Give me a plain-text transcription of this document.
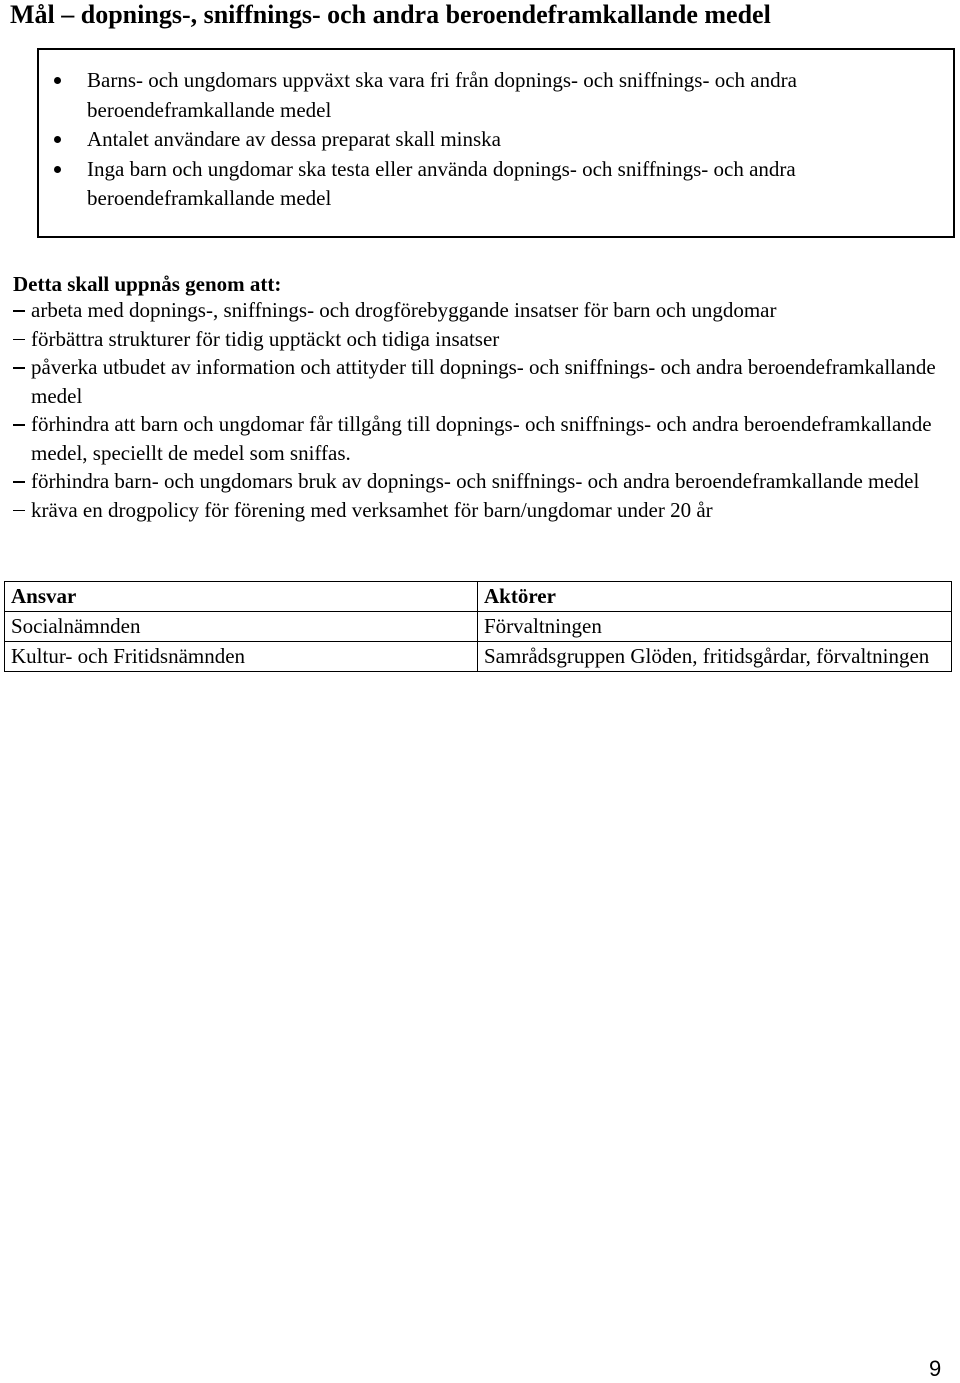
Mål – dopnings-, sniffnings- och andra beroendeframkallande medel
Barns- och ungdomars uppväxt ska vara fri från dopnings- och sniffnings- och andra beroendeframkallande medel
Antalet användare av dessa preparat skall minska
Inga barn och ungdomar ska testa eller använda dopnings- och sniffnings- och andra beroendeframkallande medel
Detta skall uppnås genom att:
arbeta med dopnings-, sniffnings- och drogförebyggande insatser för barn och ungdomar
förbättra strukturer för tidig upptäckt och tidiga insatser
påverka utbudet av information och attityder till dopnings- och sniffnings- och andra beroendeframkallande medel
förhindra att barn och ungdomar får tillgång till dopnings- och sniffnings- och andra beroendeframkallande medel, speciellt de medel som sniffas.
förhindra barn- och ungdomars bruk av dopnings- och sniffnings- och andra beroendeframkallande medel
kräva en drogpolicy för förening med verksamhet för barn/ungdomar under 20 år
Ansvar	Aktörer
Socialnämnden	Förvaltningen
Kultur- och Fritidsnämnden	Samrådsgruppen Glöden, fritidsgårdar, förvaltningen
9
